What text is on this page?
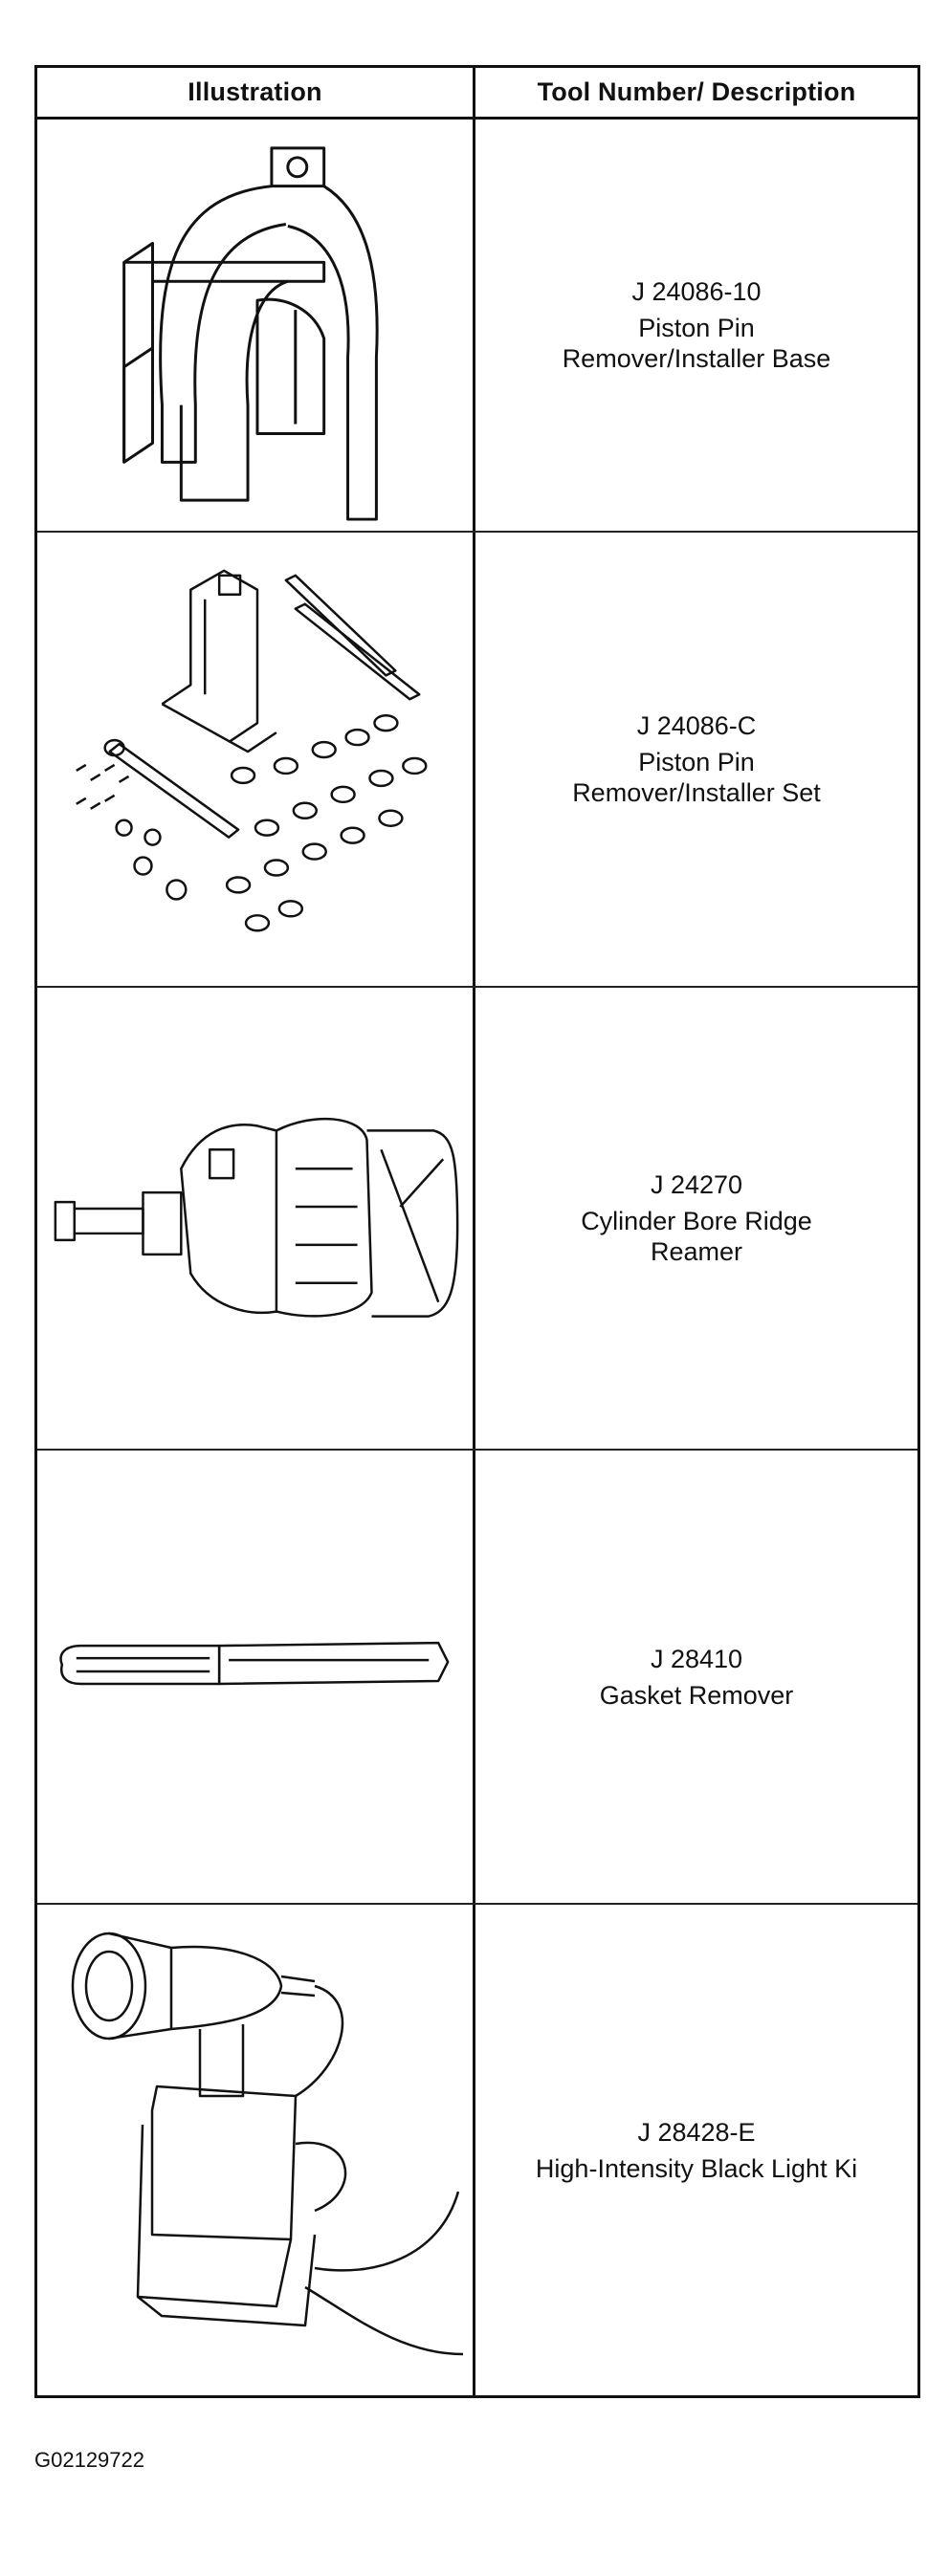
Illustration	Tool Number/ Description
J 24086-10
Piston Pin
Remover/Installer Base
J 24086-C
Piston Pin
Remover/Installer Set
J 24270
Cylinder Bore Ridge
Reamer
J 28410
Gasket Remover
J 28428-E
High-Intensity Black Light Ki
G02129722
